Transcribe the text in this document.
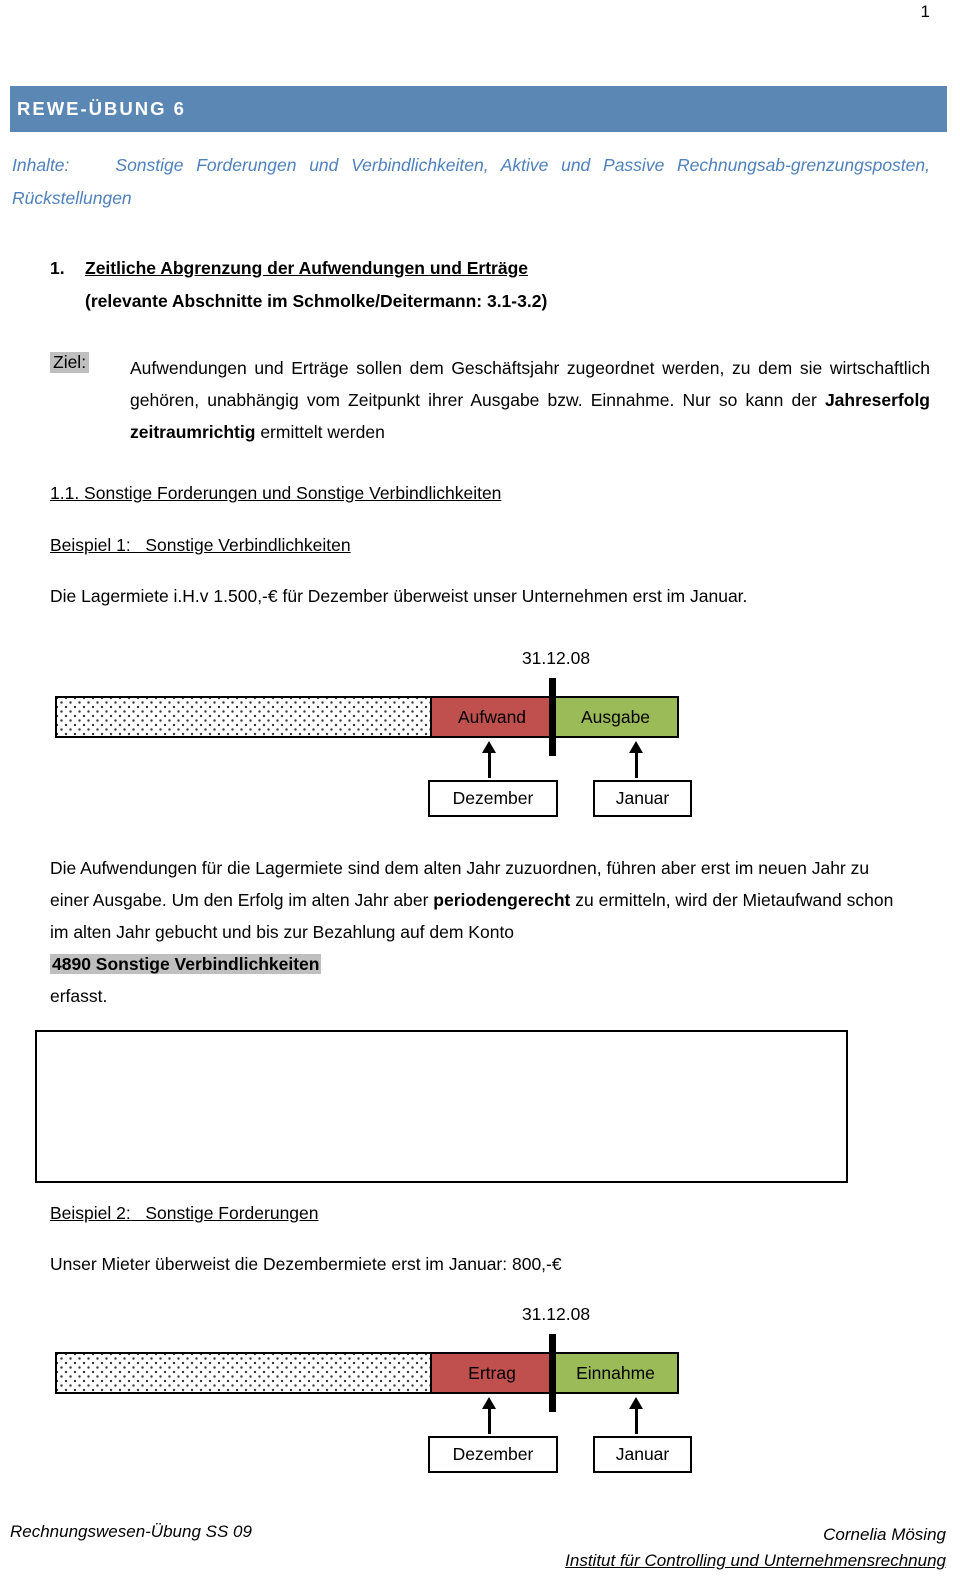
1
REWE-ÜBUNG 6

Inhalte:	Sonstige Forderungen und Verbindlichkeiten, Aktive und Passive Rechnungsab-grenzungsposten, Rückstellungen

1. Zeitliche Abgrenzung der Aufwendungen und Erträge
(relevante Abschnitte im Schmolke/Deitermann: 3.1-3.2)
Ziel:	Aufwendungen und Erträge sollen dem Geschäftsjahr zugeordnet werden, zu dem sie wirtschaftlich gehören, unabhängig vom Zeitpunkt ihrer Ausgabe bzw. Einnahme. Nur so kann der Jahreserfolg zeitraumrichtig ermittelt werden

1.1. Sonstige Forderungen und Sonstige Verbindlichkeiten
Beispiel 1:   Sonstige Verbindlichkeiten
Die Lagermiete i.H.v 1.500,-€ für Dezember überweist unser Unternehmen erst im Januar.
31.12.08
Aufwand	Ausgabe
Dezember	Januar

Die Aufwendungen für die Lagermiete sind dem alten Jahr zuzuordnen, führen aber erst im neuen Jahr zu einer Ausgabe. Um den Erfolg im alten Jahr aber periodengerecht zu ermitteln, wird der Mietaufwand schon im alten Jahr gebucht und bis zur Bezahlung auf dem Konto
4890 Sonstige Verbindlichkeiten
erfasst.

Beispiel 2:   Sonstige Forderungen
Unser Mieter überweist die Dezembermiete erst im Januar: 800,-€
31.12.08
Ertrag	Einnahme
Dezember	Januar
Rechnungswesen-Übung SS 09	Cornelia Mösing
Institut für Controlling und Unternehmensrechnung
